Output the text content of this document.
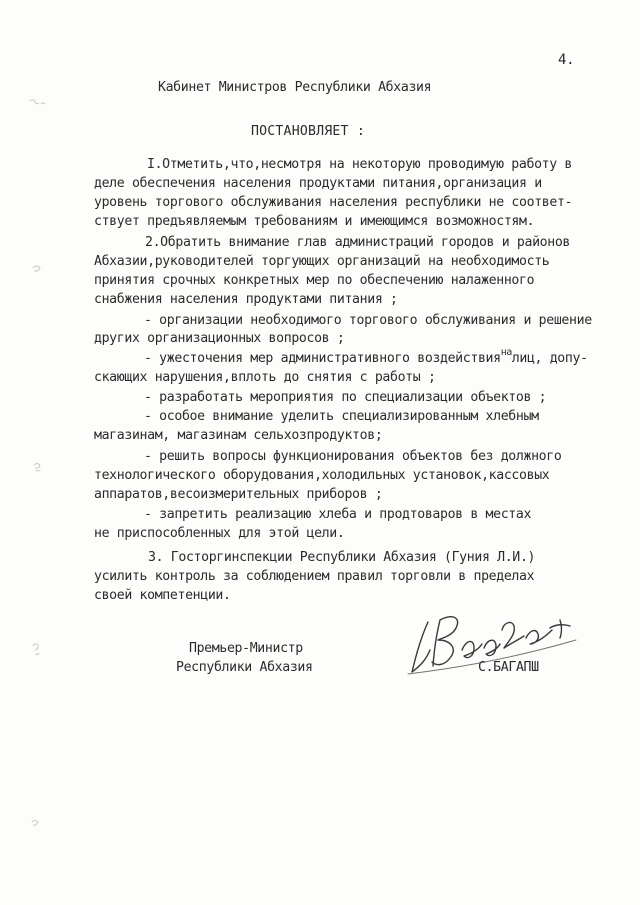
4.
Кабинет Министров Республики Абхазия
ПОСТАНОВЛЯЕТ :
I.Отметить,что,несмотря на некоторую проводимую работу в
деле обеспечения населения продуктами питания,организация и
уровень торгового обслуживания населения республики не соответ-
ствует предъявляемым требованиям и имеющимся возможностям.
2.Обратить внимание глав администраций городов и районов
Абхазии,руководителей торгующих организаций на необходимость
принятия срочных конкретных мер по обеспечению налаженного
снабжения населения продуктами питания ;
- организации необходимого торгового обслуживания и решение
других организационных вопросов ;
- ужесточения мер административного воздействия$^{на}$лиц, допу-
скающих нарушения,вплоть до снятия с работы ;
- разработать мероприятия по специализации объектов ;
- особое внимание уделить специализированным хлебным
магазинам, магазинам сельхозпродуктов;
- решить вопросы функционирования объектов без должного
технологического оборудования,холодильных установок,кассовых
аппаратов,весоизмерительных приборов ;
- запретить реализацию хлеба и продтоваров в местах
не приспособленных для этой цели.
3. Госторгинспекции Республики Абхазия (Гуния Л.И.)
усилить контроль за соблюдением правил торговли в пределах
своей компетенции.
Премьер-Министр
Республики Абхазия	С.БАГАПШ
